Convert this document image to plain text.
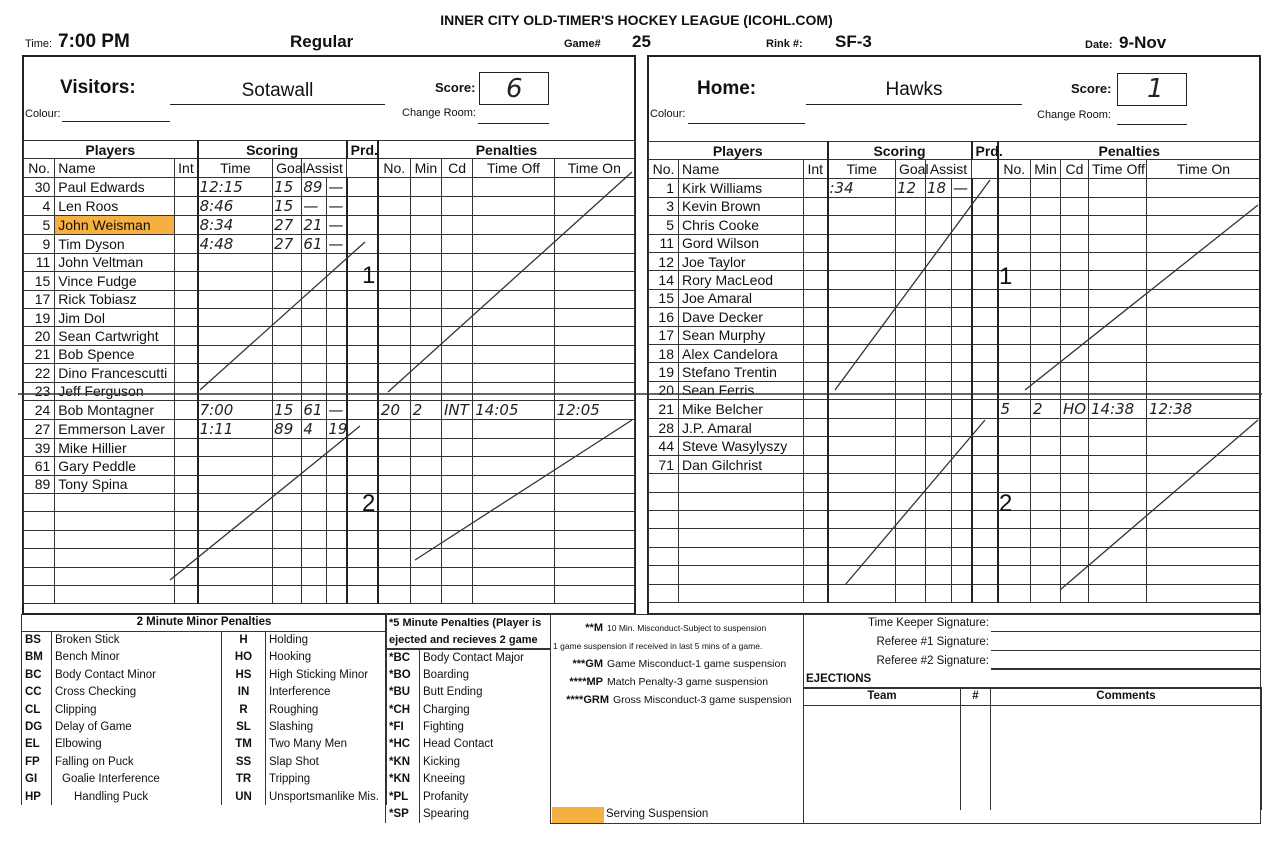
INNER CITY OLD-TIMER'S HOCKEY LEAGUE (ICOHL.COM)
Time: 7:00 PM	Regular	Game# 25	Rink #: SF-3	Date: 9-Nov
Visitors:	Sotawall	Score: 6
Colour:	Change Room:
Players			Scoring				Prd.	Penalties				
No.	Name	Int	Time	Goal	Assist			No.	Min	Cd	Time Off	Time On
30	Paul Edwards		12:15	15	89	—						
4	Len Roos		8:46	15	—	—						
5	John Weisman		8:34	27	21	—						
9	Tim Dyson		4:48	27	61	—						
11	John Veltman											
15	Vince Fudge											
17	Rick Tobiasz											
19	Jim Dol											
20	Sean Cartwright											
21	Bob Spence											
22	Dino Francescutti											
23	Jeff Ferguson											
24	Bob Montagner		7:00	15	61	—		20	2	INT	14:05	12:05
27	Emmerson Laver		1:11	89	4	19						
39	Mike Hillier											
61	Gary Peddle											
89	Tony Spina											

1
2
Home:	Hawks	Score: 1
Colour:	Change Room:
Players			Scoring				Prd.	Penalties				
No.	Name	Int	Time	Goal	Assist			No.	Min	Cd	Time Off	Time On
1	Kirk Williams		:34	12	18	—						
3	Kevin Brown											
5	Chris Cooke											
11	Gord Wilson											
12	Joe Taylor											
14	Rory MacLeod											
15	Joe Amaral											
16	Dave Decker											
17	Sean Murphy											
18	Alex Candelora											
19	Stefano Trentin											
20	Sean Ferris											
21	Mike Belcher							5	2	HO	14:38	12:38
28	J.P. Amaral											
44	Steve Wasylyszy											
71	Dan Gilchrist											

1
2
2 Minute Minor Penalties			
BS	Broken Stick	H	Holding
BM	Bench Minor	HO	Hooking
BC	Body Contact Minor	HS	High Sticking Minor
CC	Cross Checking	IN	Interference
CL	Clipping	R	Roughing
DG	Delay of Game	SL	Slashing
EL	Elbowing	TM	Two Many Men
FP	Falling on Puck	SS	Slap Shot
GI	Goalie Interference	TR	Tripping
HP	Handling Puck	UN	Unsportsmanlike Mis.
*5 Minute Penalties (Player is	
ejected and recieves 2 game	
*BC	Body Contact Major
*BO	Boarding
*BU	Butt Ending
*CH	Charging
*FI	Fighting
*HC	Head Contact
*KN	Kicking
*KN	Kneeing
*PL	Profanity
*SP	Spearing
**M 10 Min. Misconduct-Subject to suspension
1 game suspension if received in last 5 mins of a game.
***GM Game Misconduct-1 game suspension
****MP Match Penalty-3 game suspension
****GRM Gross Misconduct-3 game suspension
Serving Suspension
Time Keeper Signature:
Referee #1 Signature:
Referee #2 Signature:
EJECTIONS
Team	#	Comments
